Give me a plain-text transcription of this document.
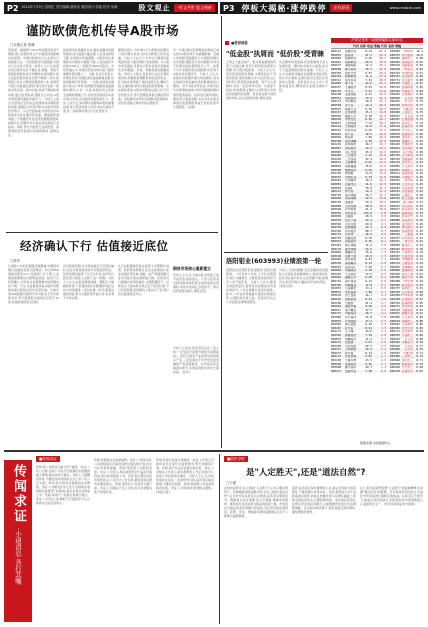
P2 2010年7月9日 星期五 责任编辑:谢家乐 版面设计:邹福 校对:吴海	股文观止	·有文共赏 股义相析	P3 停板大揭秘·涨停跌停	必有原因	www.cnstock.com
谨防欧债危机传导A股市场
□本报记者 张峰
若欧洲、美国两个2010年的经济状况不理想,那么欧债危机对于中国经济的影响也将显现。中国对欧洲出口占全部出口的两成左右,一旦欧洲经济出现放缓,中国出口企业首当其冲。市场人士认为,欧债危机目前仍存在不确定性,希腊、西班牙等国家的财政赤字问题尚未彻底解决,欧元区经济复苏前景仍然不明朗。此外,欧洲银行业压力测试结果即将公布,如果部分银行未能通过测试,将可能引发新一轮的市场动荡。国内方面,房地产调控政策持续,银行信贷收紧,通胀压力仍存,A股市场短期内面临多重压力。分析人士指出,投资者应密切关注欧洲债务问题的最新进展,谨慎应对外部风险对A股市场的传导效应。从历史经验看,外部危机对A股的冲击往往通过资金面、情绪面和基本面三个渠道传导,投资者需要提高警惕,控制仓位,回避与出口相关度较高的行业板块。同时,部分内需型行业如医药、消费等板块可能相对具备防御性,值得关注。
欧洲债务危机爆发以来,国际金融市场剧烈波动,美元指数大幅走强,大宗商品价格下跌,全球股市普遍调整。A股市场在此期间也出现较大幅度下跌,上证指数从年初的3300点一度跌至2400点附近。市场普遍认为,欧债危机是导致A股下跌的重要外部因素之一。对此,有关专家表示,欧债危机对中国经济的直接影响有限,但间接影响不容忽视。一方面,欧洲是中国最大的出口市场,欧洲经济放缓将直接影响中国出口;另一方面,欧债危机引发的全球避险情绪上升,可能导致国际资本流出新兴市场,对A股资金面形成压力。此外,人民币汇率问题也是影响A股的重要因素,欧元贬值导致人民币对欧元被动升值,进一步削弱中国出口企业竞争力。
据海关统计,今年前5个月我国对欧盟出口同比增长较快,但环比增速已有所放缓。分析人士认为,下半年出口增速可能明显回落,对经济增长形成拖累。从A股市场表现看,近期出口型企业股价普遍承压,纺织服装、家电、机械等板块跌幅居前。市场人士建议,投资者应关注宏观政策动向,把握政策调整带来的投资机会。在当前市场环境下,保持适度仓位,精选个股,注重防御,是较为稳妥的投资策略。从估值角度看,A股市场整体估值已处于历史较低水平,部分蓝筹股具备长期投资价值。但短期内市场仍可能维持震荡格局,投资者需耐心等待市场企稳信号。
另一方面,国内宏观调控政策的走向也将对A股市场产生重要影响。近期公布的经济数据显示,中国经济增长有所放缓,通胀压力有所缓解,市场对于政策放松的预期有所上升。如果下半年宏观政策出现微调,将有利于A股市场企稳回升。分析人士认为,欧债危机短期内难以彻底解决,其对全球经济和金融市场的影响将是长期的。对于A股市场而言,外部风险与内部调控叠加,市场可能继续维持弱势震荡格局。投资者应保持理性,避免盲目追涨杀跌,关注具有业绩支撑的优质蓝筹股和成长性较好的中小盘股票。(张峰)
经济确认下行 估值接近底位
□张华
从最新公布的宏观经济数据看,中国经济增长放缓的趋势已经确认。6月份PMI指数回落至52.1,连续两个月下滑;工业增加值增速也出现明显回落。经济下行趋势确立,市场对企业盈利增长的预期也在下调。不过,从估值角度看,A股市场整体估值已经接近历史底部区域。目前沪深300指数市盈率约为13倍,处于历史较低水平;部分蓝筹股市盈率甚至低于10倍,具备较高的安全边际。
历史经验表明,当市场估值处于底部区域时,往往孕育着较好的中长期投资机会。虽然短期内经济下行压力仍存,但市场已经在很大程度上反映了这一预期。分析人士认为,在经济增速放缓、通胀压力缓解的背景下,宏观政策存在微调的可能,这将为市场提供一定的支撑。此外,随着估值的回落,部分长期资金开始入场,也有利于市场企稳。
从行业配置角度看,在经济下行周期中,消费、医药等弱周期行业往往表现较好;而在估值底部区域,金融、地产等强周期行业也可能出现估值修复行情。投资者可以根据自身风险偏好,合理配置资产。总体而言,当前A股市场正处于底部区域,下行空间有限,但短期内上涨动力不足,预计将以震荡筑底为主。
期待市场信心重新建立
市场人士认为,当前A股市场缺乏的不是资金,而是信心。只有当投资者对经济前景和政策走向形成稳定预期时,市场才能真正企稳回升。建议投资者保持耐心,理性投资。
分析人士指出,投资者可关注三条主线:一是受益于消费升级的大消费板块;二是符合国家产业政策导向的新兴产业;三是估值处于历史低位的金融地产等蓝筹板块。在市场底部区域逐步建仓,有望获得较好的中长期收益。(张华)
■涨停揭秘
"低金股"执屑而 "低价股"受青睐
上周五大盘在地产、银行等权重股的带领下出现反弹,但部分低价股表现更为抢眼,多只低价股涨停。分析人士认为,低价股受到资金青睐,主要原因在于其股价较低,更容易吸引中小投资者关注;同时部分低价股具备重组、资产注入等题材,具有一定的炒作空间。从涨停个股看,ST类股票占据较大比例,显示市场投机氛围仍较浓厚。投资者在参与低价股炒作时,应注意控制风险,避免追高。
从近期市场表现看,资金更倾向于流入估值较低、题材较多的中小盘股,而对于大盘蓝筹股则相对谨慎。分析人士认为,这种资金偏好在短期内可能延续,但从中长期看,业绩仍是决定股价走势的核心因素。投资者应关注上市公司基本面变化,精选具有业绩支撑的个股。
洛阳钼业(603993)业绩浪第一轮
洛阳钼业近期股价表现强势,连续出现涨停。公司发布公告称,上半年业绩预计同比大幅增长,主要原因是钼价回升及公司产能扩张。分析人士认为,随着全球经济复苏,钼等有色金属需求有望持续回升,公司业绩增长具备持续性。此外,公司在资源储备方面具有明显优势,长期投资价值凸显。投资者可关注公司后续业绩释放情况。
分析人士同时提醒,有色金属板块受国际大宗商品价格影响较大,波动性较高,投资者在参与时应注意把握节奏,控制仓位,防范价格大幅波动带来的风险。(本报记者)
沪深交易所一周涨跌幅排名前50名
代码 名称 收盘 涨幅 代码 名称 涨幅
600127	金健米业	8.12	61.4	000605	ST四环	10.1
000876	新希望	21.3	45.2	600753 东方银星	10.0
600866	星湖科技	6.45	38.7	000950 建峰化工	9.98
002041	登海种业	28.5	35.6	600301 南化股份	9.97
600537	海通集团	12.4	33.1	000510 金路集团	9.95
000998	隆平高科	30.1	31.8	600228	ST昌九	9.94
600359	新农开发	9.87	29.4	000793 华闻传媒	9.91
600354	敦煌种业	11.2	27.9	600331 宏达股份	9.90
600311	荣华实业	7.34	26.5	000731 四川美丰	9.88
002069	獐子岛	24.6	25.3	600470 六国化工	9.87
600257	大湖股份	8.91	24.8	000792 盐湖钾肥	9.85
000735	罗牛山	5.67	23.6	600426 华鲁恒升	9.84
600108	亚盛集团	4.23	22.9	000822 山东海化	9.82
600251	冠农股份	13.5	22.1	600096	云天化	9.80
000713	丰乐种业	10.8	21.7	000912	泸天化	9.79
600598	北大荒	14.2	20.9	600230 沧州大化	9.77
600075	新疆天业	9.16	20.3	000553	沙隆达A	9.76
002157	正邦科技	15.3	19.8	600409 三友化工	9.75
600965	福成五丰	6.78	19.2	000525	红太阳	9.73
000930	丰原生化	8.45	18.7	600367 红星发展	9.72
600873	五洲明珠	7.12	18.1	000731 美丰化工	9.70
002124	天邦股份	12.9	17.6	600319 亚星化学	9.69
600191	华资实业	6.34	17.2	000818 方大化工	9.68
000061	农产品	10.5	16.8	600078 澄星股份	9.66
600095	哈高科	7.89	16.4	000698 沈阳化工	9.65
600186	莲花味精	4.56	16.0	600618 氯碱化工	9.63
002234	民和股份	18.7	15.7	000420 吉林化纤	9.62
600887	伊利股份	24.3	15.3	600844 丹化科技	9.60
000895	双汇发展	45.6	14.9	000023	深天地A	9.58
600429	三元股份	7.21	14.6	600746 江苏索普	9.57
002216	三全食品	32.4	14.2	000510 金路集团	9.55
600073	上海梅林	8.67	13.9	600722 金牛化工	9.54
000848	承德露露	15.6	13.5	000985 大庆华科	9.52
600300	维维股份	6.45	13.2	600691 阳煤化工	9.51
002330	得利斯	13.8	12.9	000511 银基发展	9.49
600597	光明乳业	9.34	12.6	600800 天津磁卡	9.48
000929	兰州黄河	10.2	12.3	000635	英力特	9.46
600059	古越龙山	11.6	12.0	600328 兰太实业	9.45
000869	张裕A	78.9	11.7	000683 远兴能源	9.43
600197	伊力特	14.3	11.4	600141 兴发集团	9.42
000729	燕京啤酒	16.7	11.1	000059 辽通化工	9.40
600600	青岛啤酒	32.5	10.8	600352 浙江龙盛	9.39
000799	酒鬼酒	13.4	10.5	000565	渝三峡A	9.37
600809	山西汾酒	38.6	10.3	600273 华芳纺织	9.36
000568	泸州老窖	41.2	10.0	000677 海龙科技	9.34
600519	贵州茅台	135.6	9.8	600063 皖维高新	9.33
000858	五粮液	28.9	9.6	000949 新乡化纤	9.31
600559	老白干酒	24.1	9.3	600889 南京化纤	9.30
000596	古井贡酒	29.8	9.1	000782 美达股份	9.28
600702	沱牌曲酒	12.3	8.9	600810 神马股份	9.27
002304	洋河股份	98.7	8.7	000862 银星能源	9.25
600779	水井坊	18.4	8.5	600636	三爱富	9.24
000752	西藏发展	8.76	8.3	000707 双环科技	9.22
600543	莫高股份	9.45	8.1	600227	赤天化	9.21
002461	珠江啤酒	11.2	7.9	000830 鲁西化工	9.19
600132	重庆啤酒	34.5	7.7	600423 柳化股份	9.18
000860	顺鑫农业	15.6	7.5	000155 川化股份	9.16
600199	金种子酒	10.9	7.3	600367 红星发展	9.15
000995	皇台酒业	9.87	7.1	000902 中国服装	9.13
600238	海南椰岛	8.34	6.9	600725 云维股份	9.12
000019	深深宝A	7.56	6.7	000545 吉林制药	9.10
600084	中葡股份	6.78	6.5	600866 星湖科技	9.09
002220	天宝股份	14.5	6.3	000920 南方汇通	9.07
600965	福成五丰	6.45	6.1	600309 烟台万华	9.06
000716	南方食品	9.12	5.9	000408	ST玉源	9.04
600305	恒顺醋业	12.8	5.7	600596 新安股份	9.03
002053	云南盐化	13.4	5.5	000737 南风化工	9.01
600872	中炬高新	7.89	5.3	600746 江苏索普	9.00
000639	西王食品	16.7	5.1	000509 S*ST华塑	8.98
600616	金枫酒业	8.23	4.9	600160 巨化股份	8.97
002186	全聚德	21.4	4.7	000792 盐湖钾肥	8.95
600962	国投中鲁	9.56	4.5	600273 华芳纺织	8.94
000911	南宁糖业	12.3	4.3	000510 金路集团	8.92
600737	中粮屯河	10.7	4.1	600075 新疆天业	8.91
002086	东方海洋	15.8	3.9	000985 大庆华科	8.89
600097	开创国际	13.2	3.7	600618 氯碱化工	8.88
000505	珠江控股	6.45	3.5	000822 山东海化	8.86
600467	好当家	8.91	3.3	600230 沧州大化	8.85
002173	山下湖	19.6	3.1	000731 四川美丰	8.83
600540	新赛股份	7.34	2.9	600470 六国化工	8.82
000833	贵糖股份	11.2	2.7	000912	泸天化	8.80
600275	武昌鱼	5.67	2.5	600426 华鲁恒升	8.79
002299	圣农发展	22.3	2.3	000525	红太阳	8.77
600371	万向德农	10.4	2.1	600096	云天化	8.76
000972	新中基	8.12	1.9	000553	沙隆达A	8.74
600313	中农资源	9.87	1.7	600409 三友化工	8.73
002100	天康生物	13.5	1.5	000698 沈阳化工	8.71
600506	香梨股份	8.45	1.3	600078 澄星股份	8.70
000998	隆平高科	29.7	1.1	000818 方大化工	8.68
600127	金健米业	7.98	0.9	600319 亚星化学	8.67
数据来源:本报数据中心
传闻求证
·小道消息 各打其嘴
■传闻求证
传闻:某公司拟进行重大资产重组。求证:公司公告称,目前公司并无应披露而未披露的重大事项,相关传闻不属实。分析人士提醒投资者,不要轻信市场传闻,应以上市公司公告为准。传闻:某券商将获得新的业务牌照。求证:公司相关负责人表示,目前尚未收到相关监管部门的批复,相关业务仍在筹备之中。传闻:某地产公司拟出售旗下项目。求证:公司表示,此事属于正常经营行为,目前尚未达成任何协议。
传闻:某钢铁企业将被收购。求证:公司回应称,公司控股股东目前没有转让股权的计划,也未与任何机构接触。传闻:某医药公司新药获批。求证:公司表示,相关新药仍处于临床试验阶段,尚未获得批准上市。投资者应理性对待市场传闻,以公司正式公告为准,避免因盲目跟风而遭受损失。传闻:某科技公司获得大额订单。求证:公司确认已签订合同,但合同金额远低于传闻所述。
传闻:某银行将进行再融资。求证:公司表示目前资本充足率符合监管要求,暂无再融资计划。传闻:某汽车企业将推出新车型。求证:公司相关人员表示,新车型研发工作正在进行中,具体上市时间尚未确定。分析人士认为,市场传闻往往具有一定的炒作目的,投资者应保持警惕,不要盲目追涨。传闻:某能源公司将获得政府补贴。求证:公司称尚未收到相关通知。(本报记者)
■股民学校
是"人定胜天",还是"道法自然"?
□王强
在股市投资中,有人相信"人定胜天",认为只要足够努力、足够聪明,就能战胜市场;也有人相信"道法自然",认为市场有其自身运行规律,投资者应顺势而为。两种观点各有道理,但从长期看,尊重市场规律、顺势而为往往是更为稳妥的投资之道。市场是由无数投资者共同参与形成的,其走势受到宏观经济、政策、资金、情绪等多种因素影响,任何个人都难以准确预测。
因此,投资者应保持谦逊的心态,承认自身能力的局限性,不要试图与市场对抗。当然,顺势而为并不意味着被动等待,而是在把握市场大趋势的基础上,积极寻找投资机会,合理控制风险。成功的投资者往往既有坚定的投资理念,又能根据市场变化灵活调整策略。在当前市场环境下,投资者更应保持理性,避免情绪化操作。
总之,股市投资既需要"人定胜天"的进取精神,也需要"道法自然"的智慧。只有将两者有机结合,才能在市场中获得长期稳定的收益。投资者应不断学习,提高自身投资能力,同时保持对市场的敬畏之心,做到知行合一。(作者系资深证券分析师)
